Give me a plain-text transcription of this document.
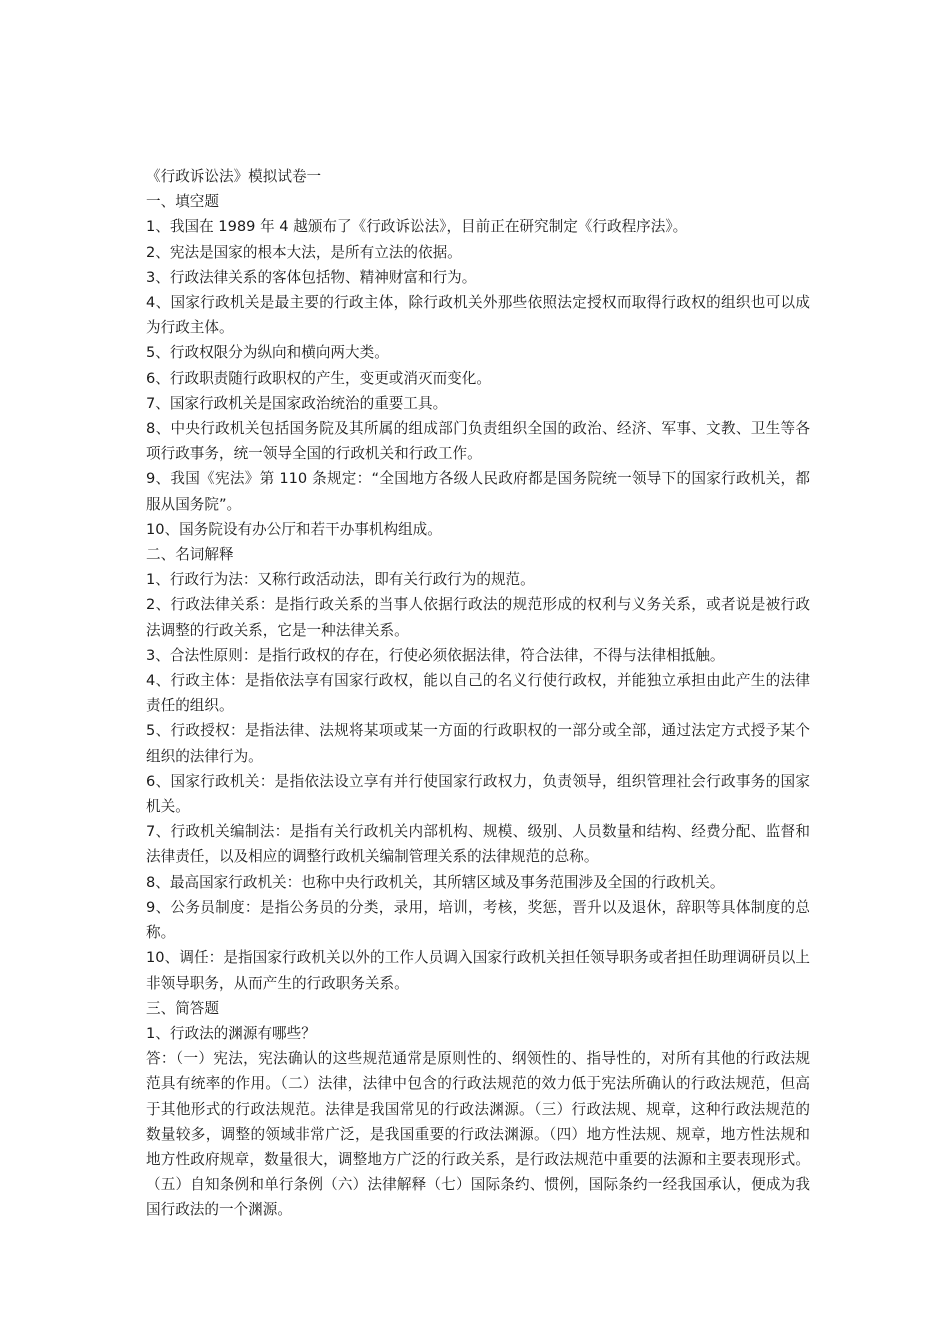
《行政诉讼法》模拟试卷一

一、填空题

1、我国在 1989 年 4 越颁布了《行政诉讼法》，目前正在研究制定《行政程序法》。

2、宪法是国家的根本大法，是所有立法的依据。

3、行政法律关系的客体包括物、精神财富和行为。

4、国家行政机关是最主要的行政主体，除行政机关外那些依照法定授权而取得行政权的组织也可以成为行政主体。

5、行政权限分为纵向和横向两大类。

6、行政职责随行政职权的产生，变更或消灭而变化。

7、国家行政机关是国家政治统治的重要工具。

8、中央行政机关包括国务院及其所属的组成部门负责组织全国的政治、经济、军事、文教、卫生等各项行政事务，统一领导全国的行政机关和行政工作。

9、我国《宪法》第 110 条规定：“全国地方各级人民政府都是国务院统一领导下的国家行政机关，都服从国务院”。

10、国务院设有办公厅和若干办事机构组成。

二、名词解释

1、行政行为法：又称行政活动法，即有关行政行为的规范。

2、行政法律关系：是指行政关系的当事人依据行政法的规范形成的权利与义务关系，或者说是被行政法调整的行政关系，它是一种法律关系。

3、合法性原则：是指行政权的存在，行使必须依据法律，符合法律，不得与法律相抵触。

4、行政主体：是指依法享有国家行政权，能以自己的名义行使行政权，并能独立承担由此产生的法律责任的组织。

5、行政授权：是指法律、法规将某项或某一方面的行政职权的一部分或全部，通过法定方式授予某个组织的法律行为。

6、国家行政机关：是指依法设立享有并行使国家行政权力，负责领导，组织管理社会行政事务的国家机关。

7、行政机关编制法：是指有关行政机关内部机构、规模、级别、人员数量和结构、经费分配、监督和法律责任，以及相应的调整行政机关编制管理关系的法律规范的总称。

8、最高国家行政机关：也称中央行政机关，其所辖区域及事务范围涉及全国的行政机关。

9、公务员制度：是指公务员的分类，录用，培训，考核，奖惩，晋升以及退休，辞职等具体制度的总称。

10、调任：是指国家行政机关以外的工作人员调入国家行政机关担任领导职务或者担任助理调研员以上非领导职务，从而产生的行政职务关系。

三、简答题

1、行政法的渊源有哪些？

答：（一）宪法，宪法确认的这些规范通常是原则性的、纲领性的、指导性的，对所有其他的行政法规范具有统率的作用。（二）法律，法律中包含的行政法规范的效力低于宪法所确认的行政法规范，但高于其他形式的行政法规范。法律是我国常见的行政法渊源。（三）行政法规、规章，这种行政法规范的数量较多，调整的领域非常广泛，是我国重要的行政法渊源。（四）地方性法规、规章，地方性法规和地方性政府规章，数量很大，调整地方广泛的行政关系，是行政法规范中重要的法源和主要表现形式。（五）自知条例和单行条例（六）法律解释（七）国际条约、惯例，国际条约一经我国承认，便成为我国行政法的一个渊源。
